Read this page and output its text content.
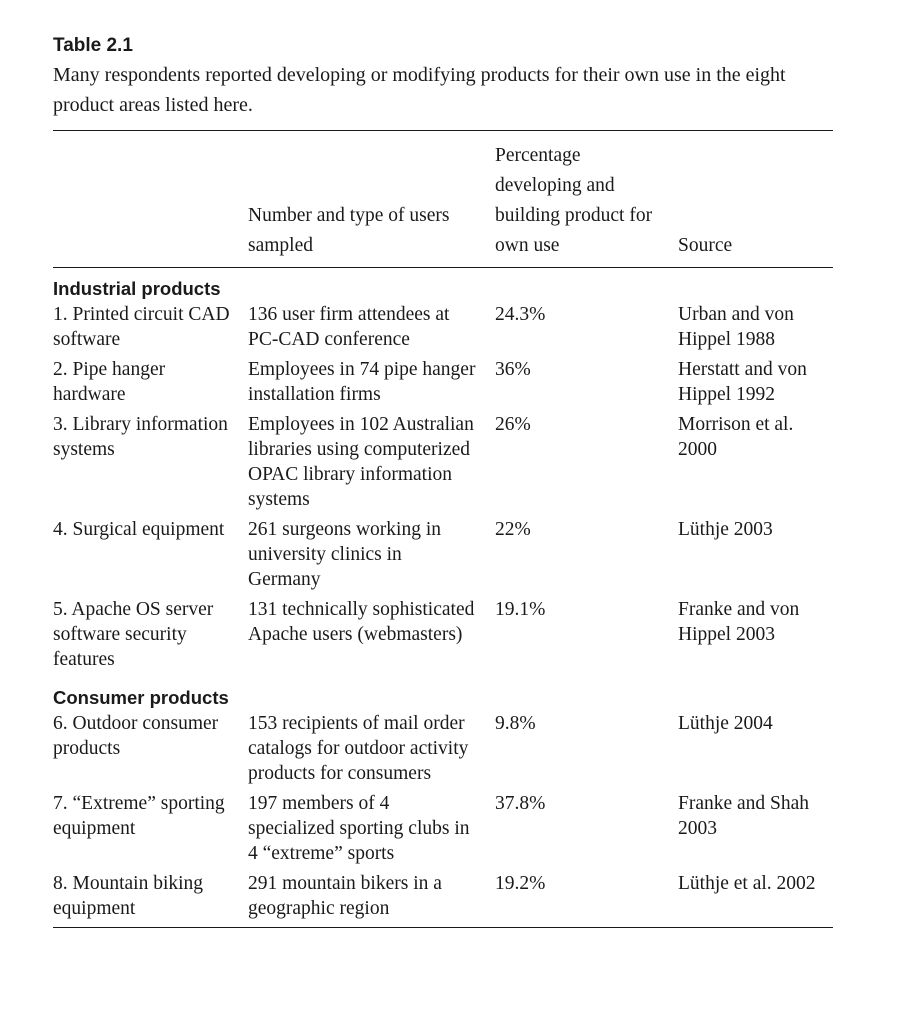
Table 2.1

Many respondents reported developing or modifying products for their own use in the eight product areas listed here.

	Number and type of users sampled	Percentage developing and building product for own use	Source

Industrial products			
1. Printed circuit CAD software	136 user firm attendees at PC-CAD conference	24.3%	Urban and von Hippel 1988
2. Pipe hanger hardware	Employees in 74 pipe hanger installation firms	36%	Herstatt and von Hippel 1992
3. Library information systems	Employees in 102 Australian libraries using computerized OPAC library information systems	26%	Morrison et al. 2000
4. Surgical equipment	261 surgeons working in university clinics in Germany	22%	Lüthje 2003
5. Apache OS server software security features	131 technically sophisticated Apache users (webmasters)	19.1%	Franke and von Hippel 2003
Consumer products			
6. Outdoor consumer products	153 recipients of mail order catalogs for outdoor activity products for consumers	9.8%	Lüthje 2004
7. “Extreme” sporting equipment	197 members of 4 specialized sporting clubs in 4 “extreme” sports	37.8%	Franke and Shah 2003
8. Mountain biking equipment	291 mountain bikers in a geographic region	19.2%	Lüthje et al. 2002
